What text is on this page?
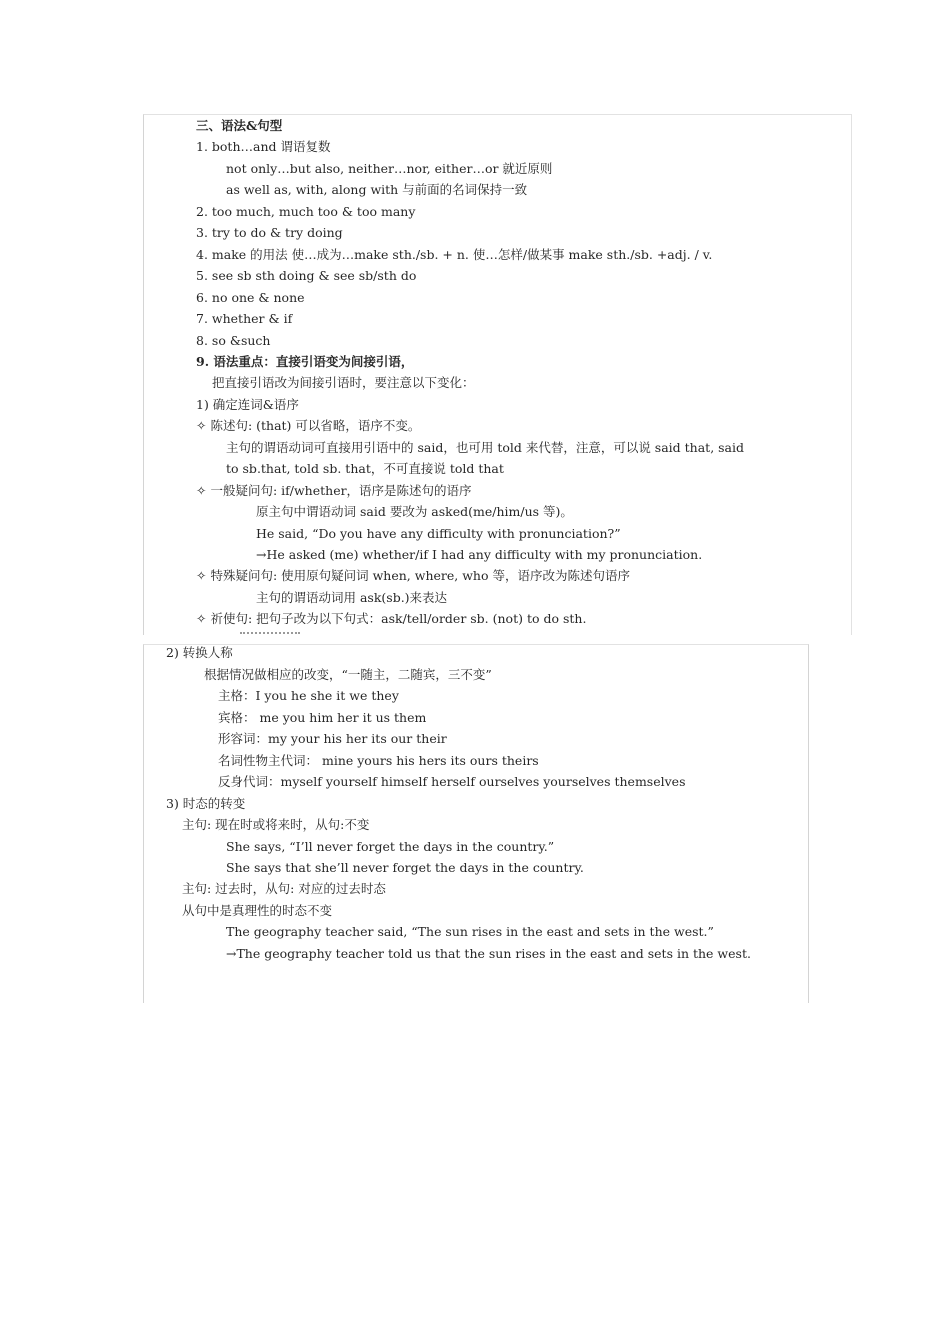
三、语法&句型
1. both…and 谓语复数
not only…but also, neither…nor, either…or 就近原则
as well as, with, along with 与前面的名词保持一致
2. too much, much too & too many
3. try to do & try doing
4. make 的用法 使…成为…make sth./sb. + n. 使…怎样/做某事 make sth./sb. +adj. / v.
5. see sb sth doing & see sb/sth do
6. no one & none
7. whether & if
8. so &such
9. 语法重点：直接引语变为间接引语，
把直接引语改为间接引语时，要注意以下变化：
1) 确定连词&语序
✧ 陈述句: (that) 可以省略，语序不变。
主句的谓语动词可直接用引语中的 said，也可用 told 来代替，注意，可以说 said that, said
to sb.that, told sb. that，不可直接说 told that
✧ 一般疑问句: if/whether，语序是陈述句的语序
原主句中谓语动词 said 要改为 asked(me/him/us 等)。
He said, “Do you have any difficulty with pronunciation?”
→He asked (me) whether/if I had any difficulty with my pronunciation.
✧ 特殊疑问句: 使用原句疑问词 when, where, who 等，语序改为陈述句语序
主句的谓语动词用 ask(sb.)来表达
✧ 祈使句: 把句子改为以下句式：ask/tell/order sb. (not) to do sth.
2) 转换人称
根据情况做相应的改变，“一随主，二随宾，三不变”
主格：I you he she it we they
宾格： me you him her it us them
形容词：my your his her its our their
名词性物主代词： mine yours his hers its ours theirs
反身代词：myself yourself himself herself ourselves yourselves themselves
3) 时态的转变
主句: 现在时或将来时，从句:不变
She says, “I’ll never forget the days in the country.”
She says that she’ll never forget the days in the country.
主句: 过去时，从句: 对应的过去时态
从句中是真理性的时态不变
The geography teacher said, “The sun rises in the east and sets in the west.”
→The geography teacher told us that the sun rises in the east and sets in the west.
